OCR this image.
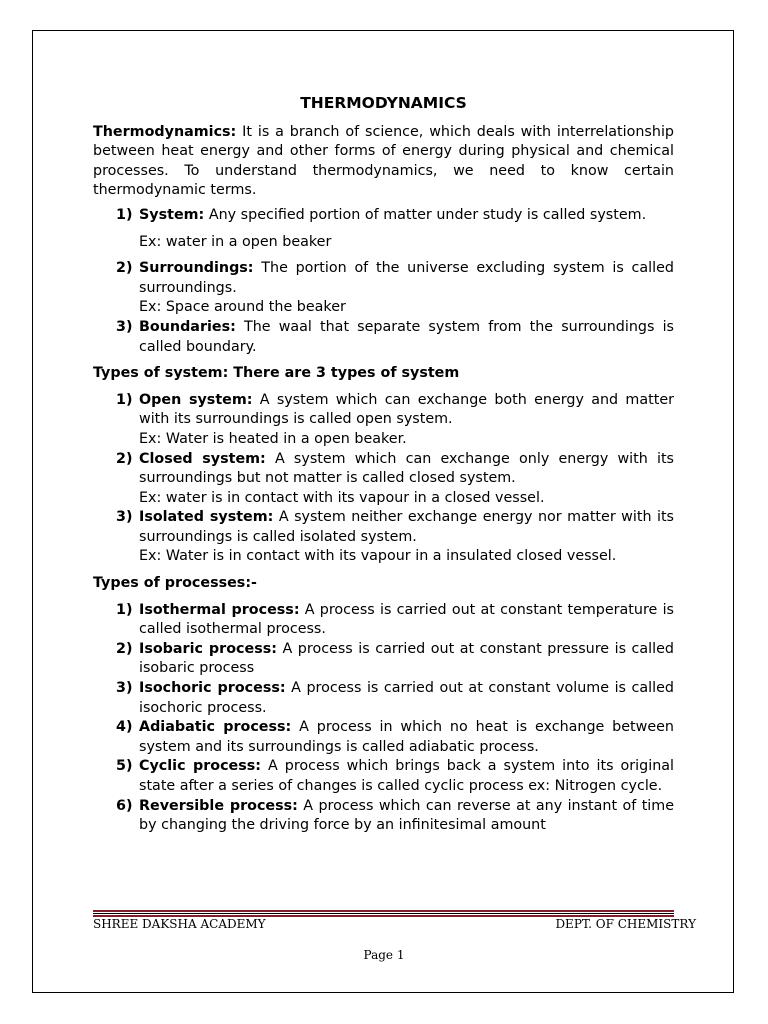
THERMODYNAMICS

Thermodynamics: It is a branch of science, which deals with interrelationship between heat energy and other forms of energy during physical and chemical processes. To understand thermodynamics, we need to know certain thermodynamic terms.

1) System: Any specified portion of matter under study is called system.
Ex: water in a open beaker
2) Surroundings: The portion of the universe excluding system is called surroundings.
Ex: Space around the beaker
3) Boundaries: The waal that separate system from the surroundings is called boundary.

Types of system: There are 3 types of system

1) Open system: A system which can exchange both energy and matter with its surroundings is called open system.
Ex: Water is heated in a open beaker.
2) Closed system: A system which can exchange only energy with its surroundings but not matter is called closed system.
Ex: water is in contact with its vapour in a closed vessel.
3) Isolated system: A system neither exchange energy nor matter with its surroundings is called isolated system.
Ex: Water is in contact with its vapour in a insulated closed vessel.

Types of processes:-

1) Isothermal process: A process is carried out at constant temperature is called isothermal process.
2) Isobaric process: A process is carried out at constant pressure is called isobaric process
3) Isochoric process: A process is carried out at constant volume is called isochoric process.
4) Adiabatic process: A process in which no heat is exchange between system and its surroundings is called adiabatic process.
5) Cyclic process: A process which brings back a system into its original state after a series of changes is called cyclic process ex: Nitrogen cycle.
6) Reversible process: A process which can reverse at any instant of time by changing the driving force by an infinitesimal amount
SHREE DAKSHA ACADEMY	DEPT. OF CHEMISTRY
Page 1
